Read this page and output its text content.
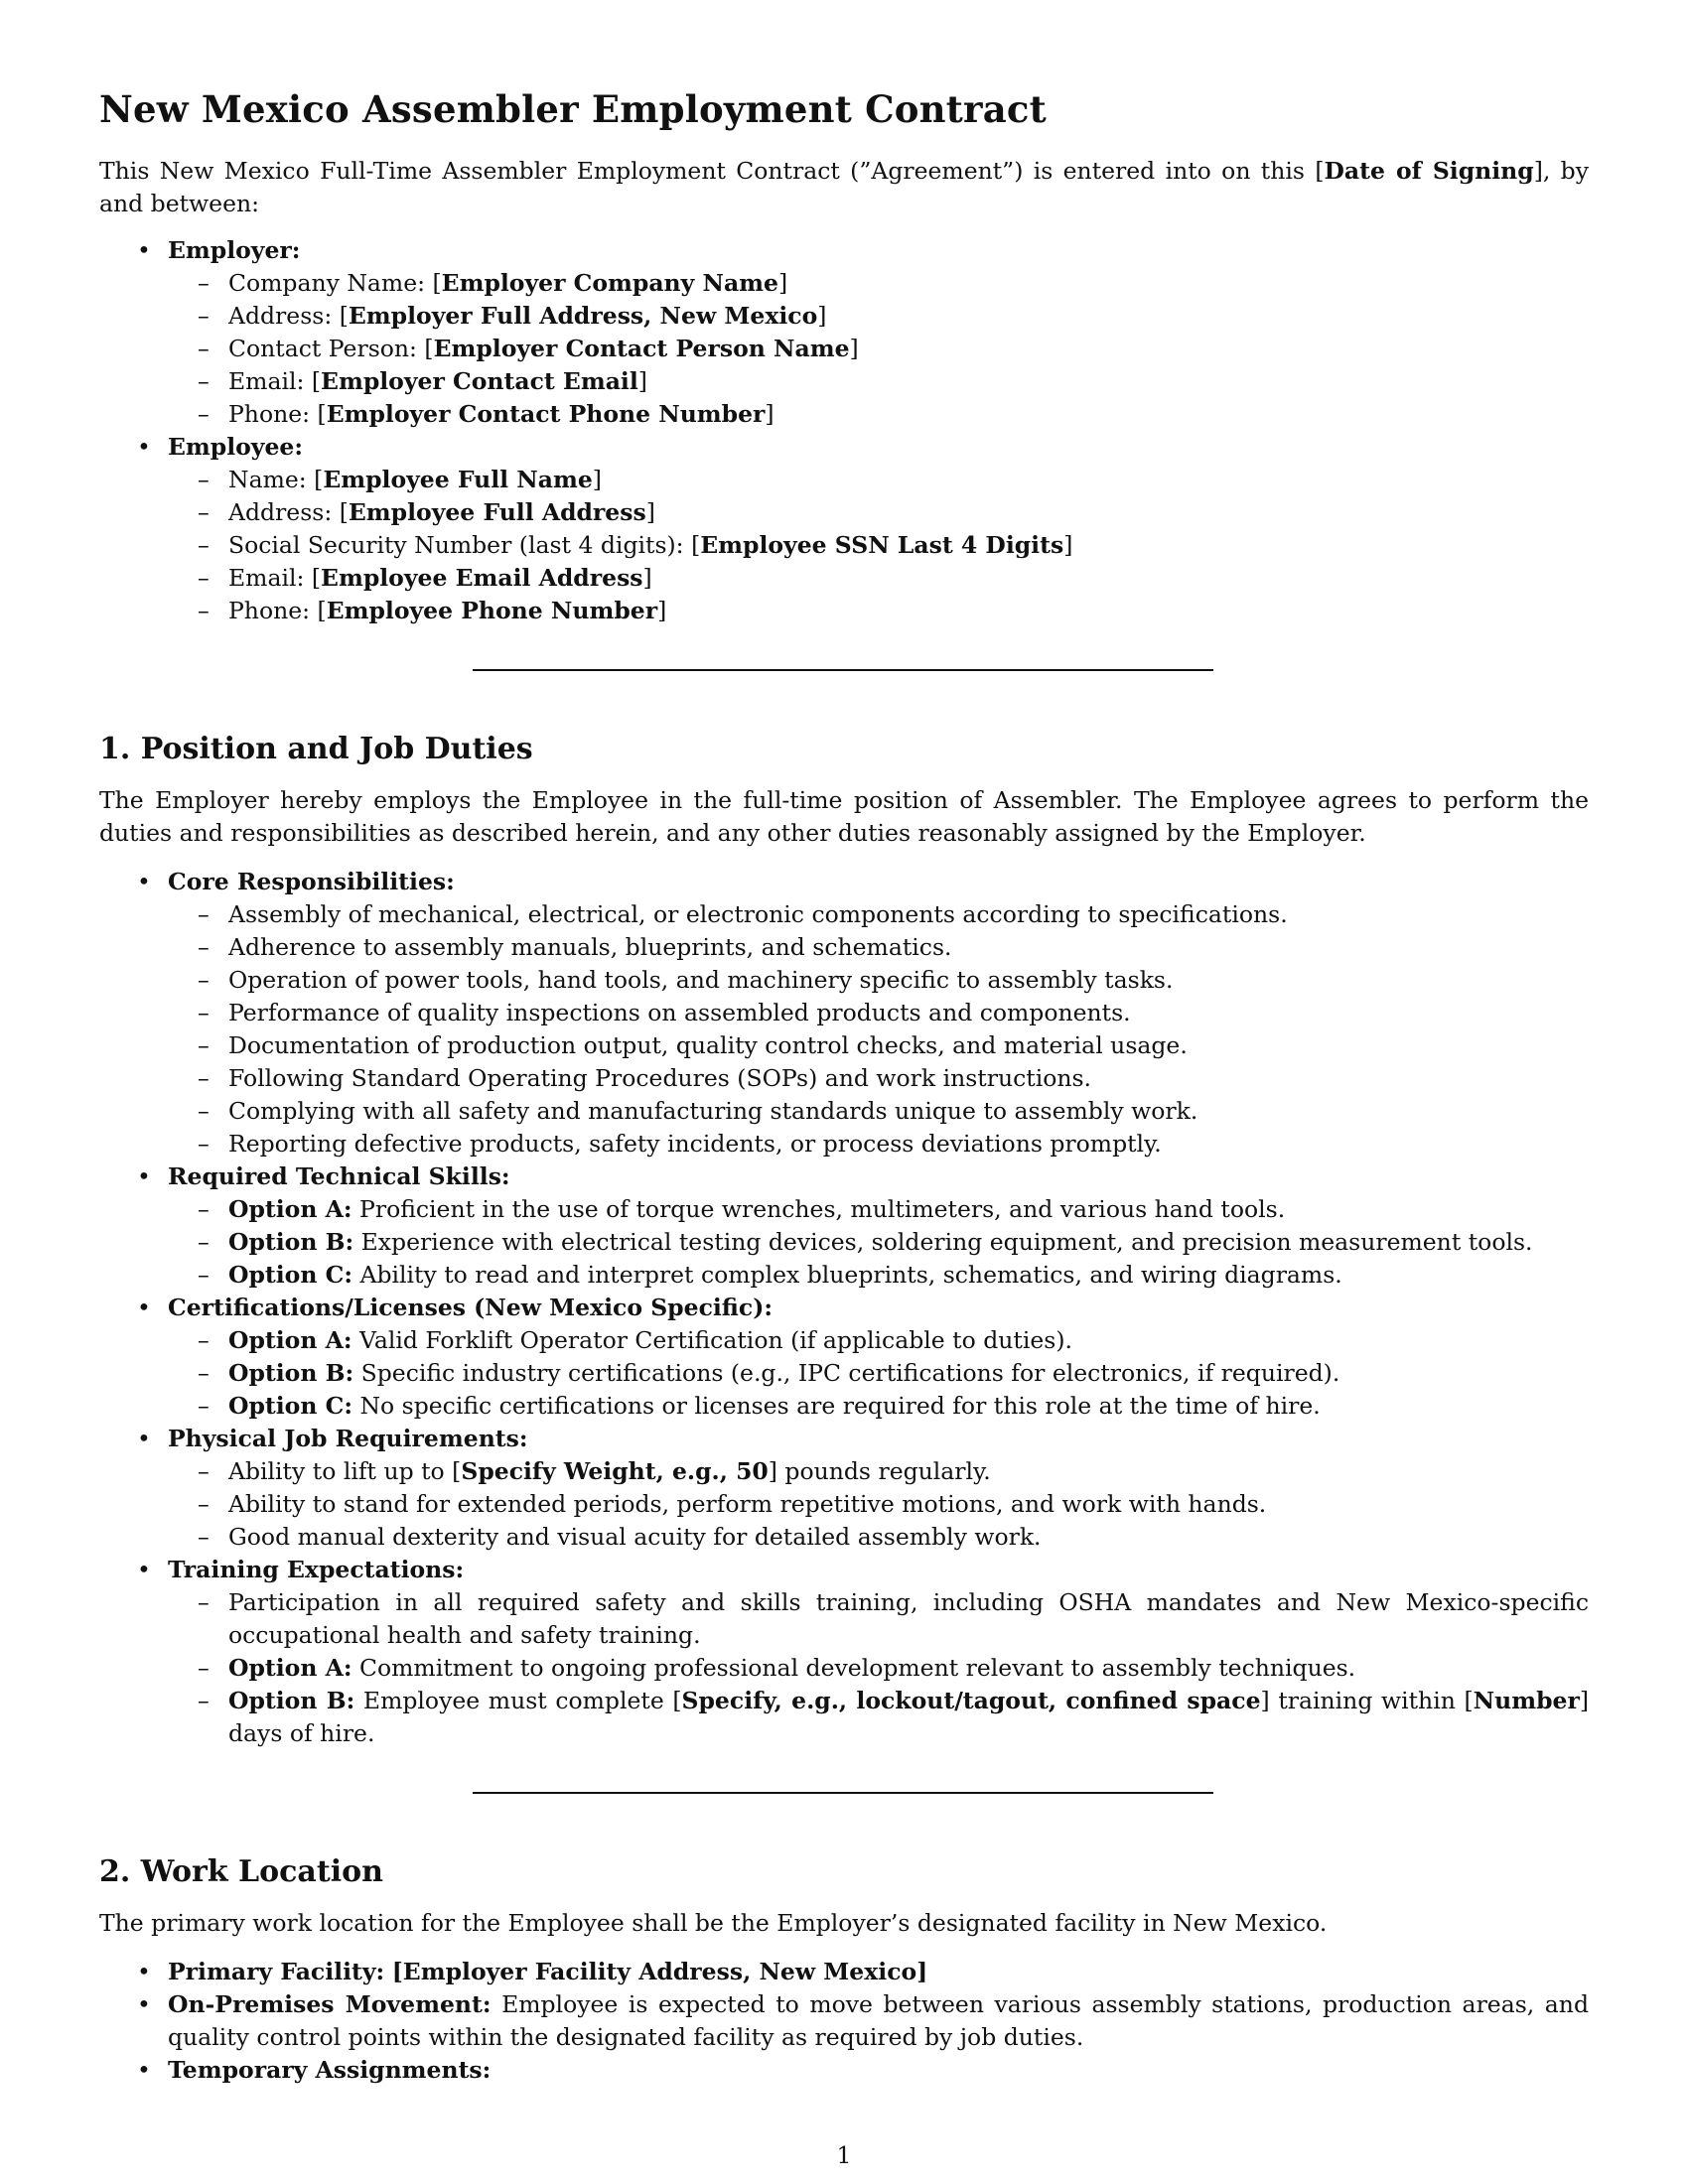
New Mexico Assembler Employment Contract

This New Mexico Full-Time Assembler Employment Contract (”Agreement”) is entered into on this [Date of Signing], by and between:

• Employer:
– Company Name: [Employer Company Name]
– Address: [Employer Full Address, New Mexico]
– Contact Person: [Employer Contact Person Name]
– Email: [Employer Contact Email]
– Phone: [Employer Contact Phone Number]
• Employee:
– Name: [Employee Full Name]
– Address: [Employee Full Address]
– Social Security Number (last 4 digits): [Employee SSN Last 4 Digits]
– Email: [Employee Email Address]
– Phone: [Employee Phone Number]
1. Position and Job Duties

The Employer hereby employs the Employee in the full-time position of Assembler. The Employee agrees to perform the duties and responsibilities as described herein, and any other duties reasonably assigned by the Employer.

• Core Responsibilities:
– Assembly of mechanical, electrical, or electronic components according to specifications.
– Adherence to assembly manuals, blueprints, and schematics.
– Operation of power tools, hand tools, and machinery specific to assembly tasks.
– Performance of quality inspections on assembled products and components.
– Documentation of production output, quality control checks, and material usage.
– Following Standard Operating Procedures (SOPs) and work instructions.
– Complying with all safety and manufacturing standards unique to assembly work.
– Reporting defective products, safety incidents, or process deviations promptly.
• Required Technical Skills:
– Option A: Proficient in the use of torque wrenches, multimeters, and various hand tools.
– Option B: Experience with electrical testing devices, soldering equipment, and precision measurement tools.
– Option C: Ability to read and interpret complex blueprints, schematics, and wiring diagrams.
• Certifications/Licenses (New Mexico Specific):
– Option A: Valid Forklift Operator Certification (if applicable to duties).
– Option B: Specific industry certifications (e.g., IPC certifications for electronics, if required).
– Option C: No specific certifications or licenses are required for this role at the time of hire.
• Physical Job Requirements:
– Ability to lift up to [Specify Weight, e.g., 50] pounds regularly.
– Ability to stand for extended periods, perform repetitive motions, and work with hands.
– Good manual dexterity and visual acuity for detailed assembly work.
• Training Expectations:
– Participation in all required safety and skills training, including OSHA mandates and New Mexico-specific occupational health and safety training.
– Option A: Commitment to ongoing professional development relevant to assembly techniques.
– Option B: Employee must complete [Specify, e.g., lockout/tagout, confined space] training within [Number] days of hire.
2. Work Location

The primary work location for the Employee shall be the Employer’s designated facility in New Mexico.

• Primary Facility: [Employer Facility Address, New Mexico]
• On-Premises Movement: Employee is expected to move between various assembly stations, production areas, and quality control points within the designated facility as required by job duties.
• Temporary Assignments:
1
